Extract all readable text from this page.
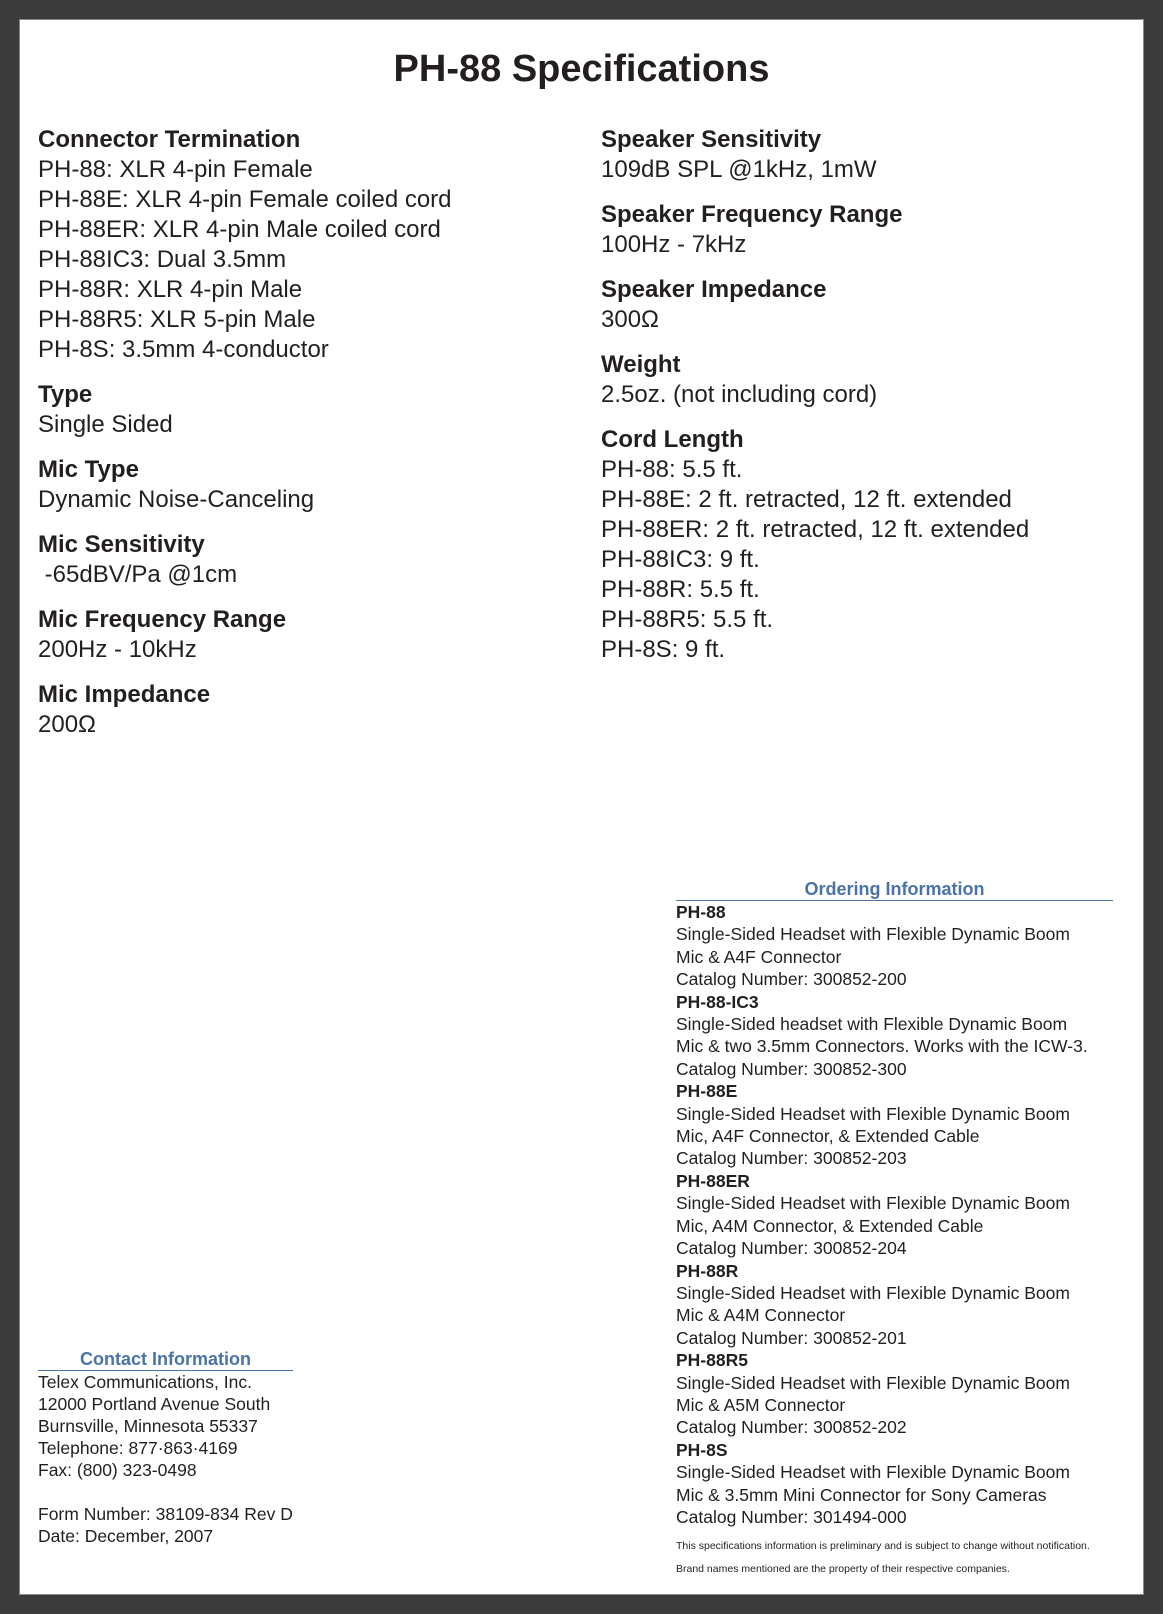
PH-88 Specifications
Connector Termination
PH-88: XLR 4-pin Female
PH-88E: XLR 4-pin Female coiled cord
PH-88ER: XLR 4-pin Male coiled cord
PH-88IC3: Dual 3.5mm
PH-88R: XLR 4-pin Male
PH-88R5: XLR 5-pin Male
PH-8S: 3.5mm 4-conductor
Type
Single Sided
Mic Type
Dynamic Noise-Canceling
Mic Sensitivity
-65dBV/Pa @1cm
Mic Frequency Range
200Hz - 10kHz
Mic Impedance
200Ω
Speaker Sensitivity
109dB SPL @1kHz, 1mW
Speaker Frequency Range
100Hz - 7kHz
Speaker Impedance
300Ω
Weight
2.5oz. (not including cord)
Cord Length
PH-88: 5.5 ft.
PH-88E: 2 ft. retracted, 12 ft. extended
PH-88ER: 2 ft. retracted, 12 ft. extended
PH-88IC3: 9 ft.
PH-88R: 5.5 ft.
PH-88R5: 5.5 ft.
PH-8S: 9 ft.
Ordering Information
PH-88
Single-Sided Headset with Flexible Dynamic Boom
Mic & A4F Connector
Catalog Number: 300852-200
PH-88-IC3
Single-Sided headset with Flexible Dynamic Boom
Mic & two 3.5mm Connectors. Works with the ICW-3.
Catalog Number: 300852-300
PH-88E
Single-Sided Headset with Flexible Dynamic Boom
Mic, A4F Connector, & Extended Cable
Catalog Number: 300852-203
PH-88ER
Single-Sided Headset with Flexible Dynamic Boom
Mic, A4M Connector, & Extended Cable
Catalog Number: 300852-204
PH-88R
Single-Sided Headset with Flexible Dynamic Boom
Mic & A4M Connector
Catalog Number: 300852-201
PH-88R5
Single-Sided Headset with Flexible Dynamic Boom
Mic & A5M Connector
Catalog Number: 300852-202
PH-8S
Single-Sided Headset with Flexible Dynamic Boom
Mic & 3.5mm Mini Connector for Sony Cameras
Catalog Number: 301494-000
This specifications information is preliminary and is subject to change without notification.
Brand names mentioned are the property of their respective companies.
Contact Information
Telex Communications, Inc.
12000 Portland Avenue South
Burnsville, Minnesota 55337
Telephone: 877·863·4169
Fax: (800) 323-0498
Form Number: 38109-834 Rev D
Date: December, 2007
